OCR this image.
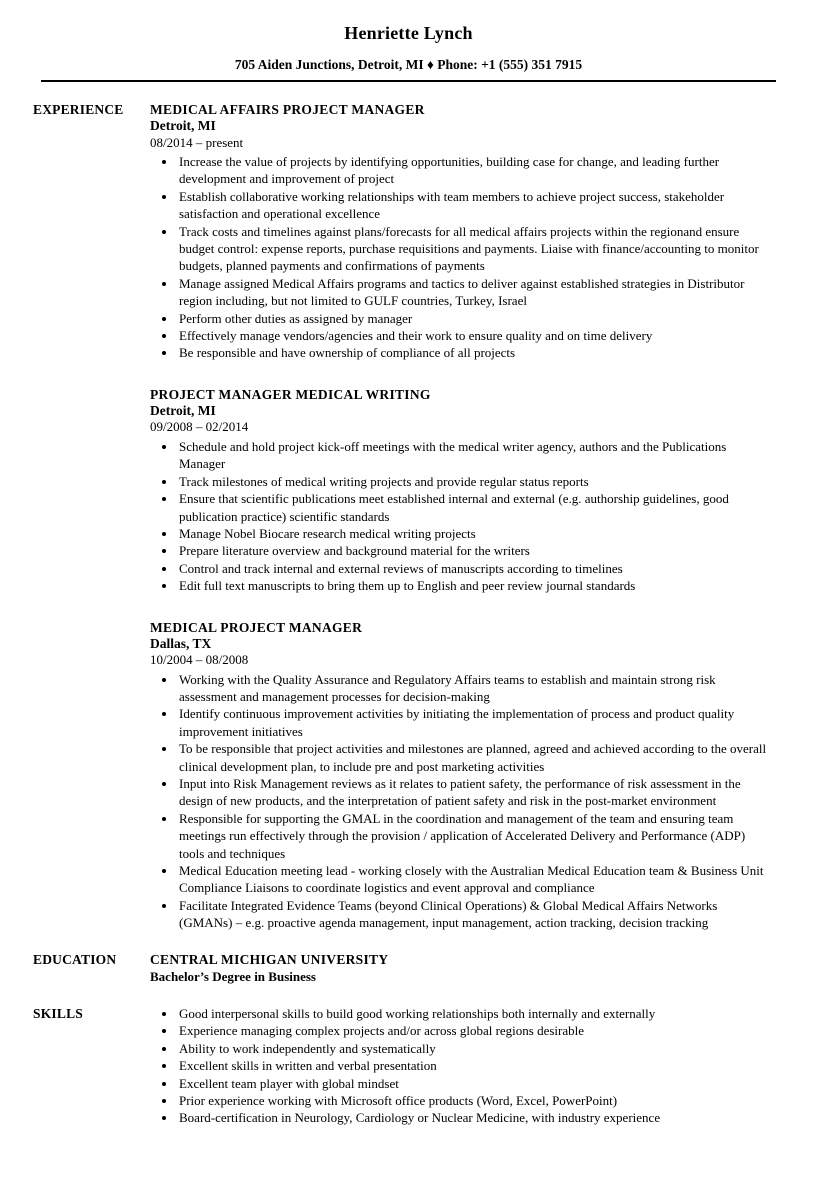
Henriette Lynch
705 Aiden Junctions, Detroit, MI ♦ Phone: +1 (555) 351 7915
EXPERIENCE	MEDICAL AFFAIRS PROJECT MANAGER
Detroit, MI
08/2014 – present
• Increase the value of projects by identifying opportunities, building case for change, and leading further development and improvement of project
• Establish collaborative working relationships with team members to achieve project success, stakeholder satisfaction and operational excellence
• Track costs and timelines against plans/forecasts for all medical affairs projects within the regionand ensure budget control: expense reports, purchase requisitions and payments. Liaise with finance/accounting to monitor budgets, planned payments and confirmations of payments
• Manage assigned Medical Affairs programs and tactics to deliver against established strategies in Distributor region including, but not limited to GULF countries, Turkey, Israel
• Perform other duties as assigned by manager
• Effectively manage vendors/agencies and their work to ensure quality and on time delivery
• Be responsible and have ownership of compliance of all projects
PROJECT MANAGER MEDICAL WRITING
Detroit, MI
09/2008 – 02/2014
• Schedule and hold project kick-off meetings with the medical writer agency, authors and the Publications Manager
• Track milestones of medical writing projects and provide regular status reports
• Ensure that scientific publications meet established internal and external (e.g. authorship guidelines, good publication practice) scientific standards
• Manage Nobel Biocare research medical writing projects
• Prepare literature overview and background material for the writers
• Control and track internal and external reviews of manuscripts according to timelines
• Edit full text manuscripts to bring them up to English and peer review journal standards
MEDICAL PROJECT MANAGER
Dallas, TX
10/2004 – 08/2008
• Working with the Quality Assurance and Regulatory Affairs teams to establish and maintain strong risk assessment and management processes for decision-making
• Identify continuous improvement activities by initiating the implementation of process and product quality improvement initiatives
• To be responsible that project activities and milestones are planned, agreed and achieved according to the overall clinical development plan, to include pre and post marketing activities
• Input into Risk Management reviews as it relates to patient safety, the performance of risk assessment in the design of new products, and the interpretation of patient safety and risk in the post-market environment
• Responsible for supporting the GMAL in the coordination and management of the team and ensuring team meetings run effectively through the provision / application of Accelerated Delivery and Performance (ADP) tools and techniques
• Medical Education meeting lead - working closely with the Australian Medical Education team & Business Unit Compliance Liaisons to coordinate logistics and event approval and compliance
• Facilitate Integrated Evidence Teams (beyond Clinical Operations) & Global Medical Affairs Networks (GMANs) – e.g. proactive agenda management, input management, action tracking, decision tracking
EDUCATION	CENTRAL MICHIGAN UNIVERSITY
Bachelor’s Degree in Business
SKILLS	• Good interpersonal skills to build good working relationships both internally and externally
• Experience managing complex projects and/or across global regions desirable
• Ability to work independently and systematically
• Excellent skills in written and verbal presentation
• Excellent team player with global mindset
• Prior experience working with Microsoft office products (Word, Excel, PowerPoint)
• Board-certification in Neurology, Cardiology or Nuclear Medicine, with industry experience
